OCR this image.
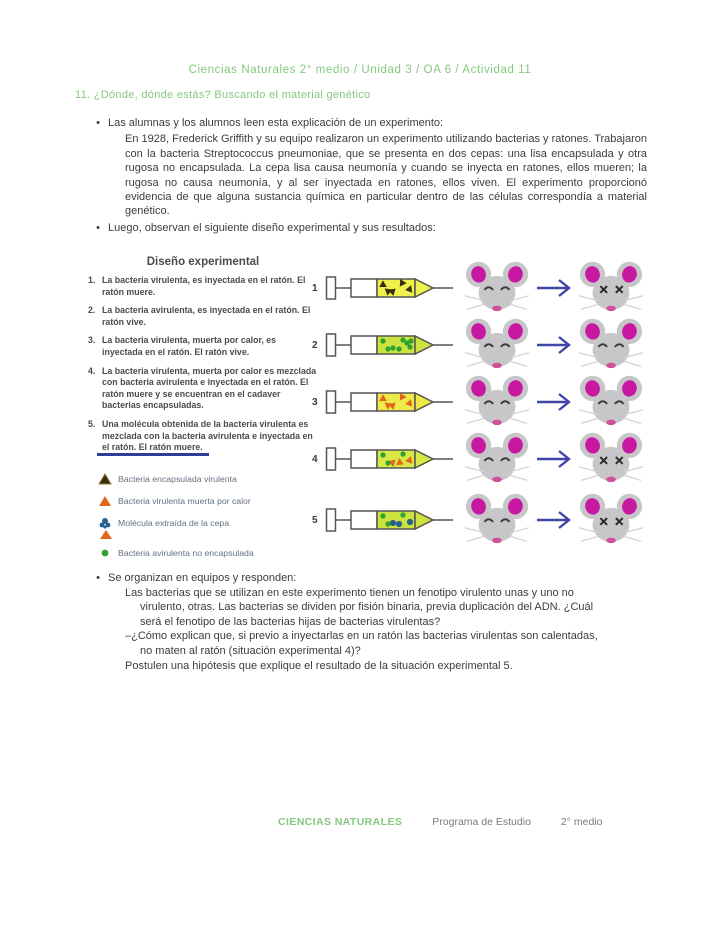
Ciencias Naturales 2° medio / Unidad 3 / OA 6 / Actividad 11
11. ¿Dónde, dónde estás? Buscando el material genético
• Las alumnas y los alumnos leen esta explicación de un experimento:
En 1928, Frederick Griffith y su equipo realizaron un experimento utilizando bacterias y ratones. Trabajaron con la bacteria Streptococcus pneumoniae, que se presenta en dos cepas: una lisa encapsulada y otra rugosa no encapsulada. La cepa lisa causa neumonía y cuando se inyecta en ratones, ellos mueren; la rugosa no causa neumonía, y al ser inyectada en ratones, ellos viven. El experimento proporcionó evidencia de que alguna sustancia química en particular dentro de las células correspondía a material genético.
• Luego, observan el siguiente diseño experimental y sus resultados:
Diseño experimental
1. La bacteria virulenta, es inyectada en el ratón. El ratón muere.
2. La bacteria avirulenta, es inyectada en el ratón. El ratón vive.
3. La bacteria virulenta, muerta por calor, es inyectada en el ratón. El ratón vive.
4. La bacteria virulenta, muerta por calor es mezclada con bacteria avirulenta e inyectada en el ratón. El ratón muere y se encuentran en el cadaver bacterias encapsuladas.
5. Una molécula obtenida de la bacteria virulenta es mezclada con la bacteria avirulenta e inyectada en el ratón. El ratón muere.
Bacteria encapsulada virulenta
Bacteria virulenta muerta por calor
Molécula extraída de la cepa
Bacteria avirulenta no encapsulada
1
2
3
4
5
• Se organizan en equipos y responden:
Las bacterias que se utilizan en este experimento tienen un fenotipo virulento unas y uno no
virulento, otras. Las bacterias se dividen por fisión binaria, previa duplicación del ADN. ¿Cuál
será el fenotipo de las bacterias hijas de bacterias virulentas?
–¿Cómo explican que, si previo a inyectarlas en un ratón las bacterias virulentas son calentadas,
no maten al ratón (situación experimental 4)?
Postulen una hipótesis que explique el resultado de la situación experimental 5.
CIENCIAS NATURALES	Programa de Estudio	2° medio
